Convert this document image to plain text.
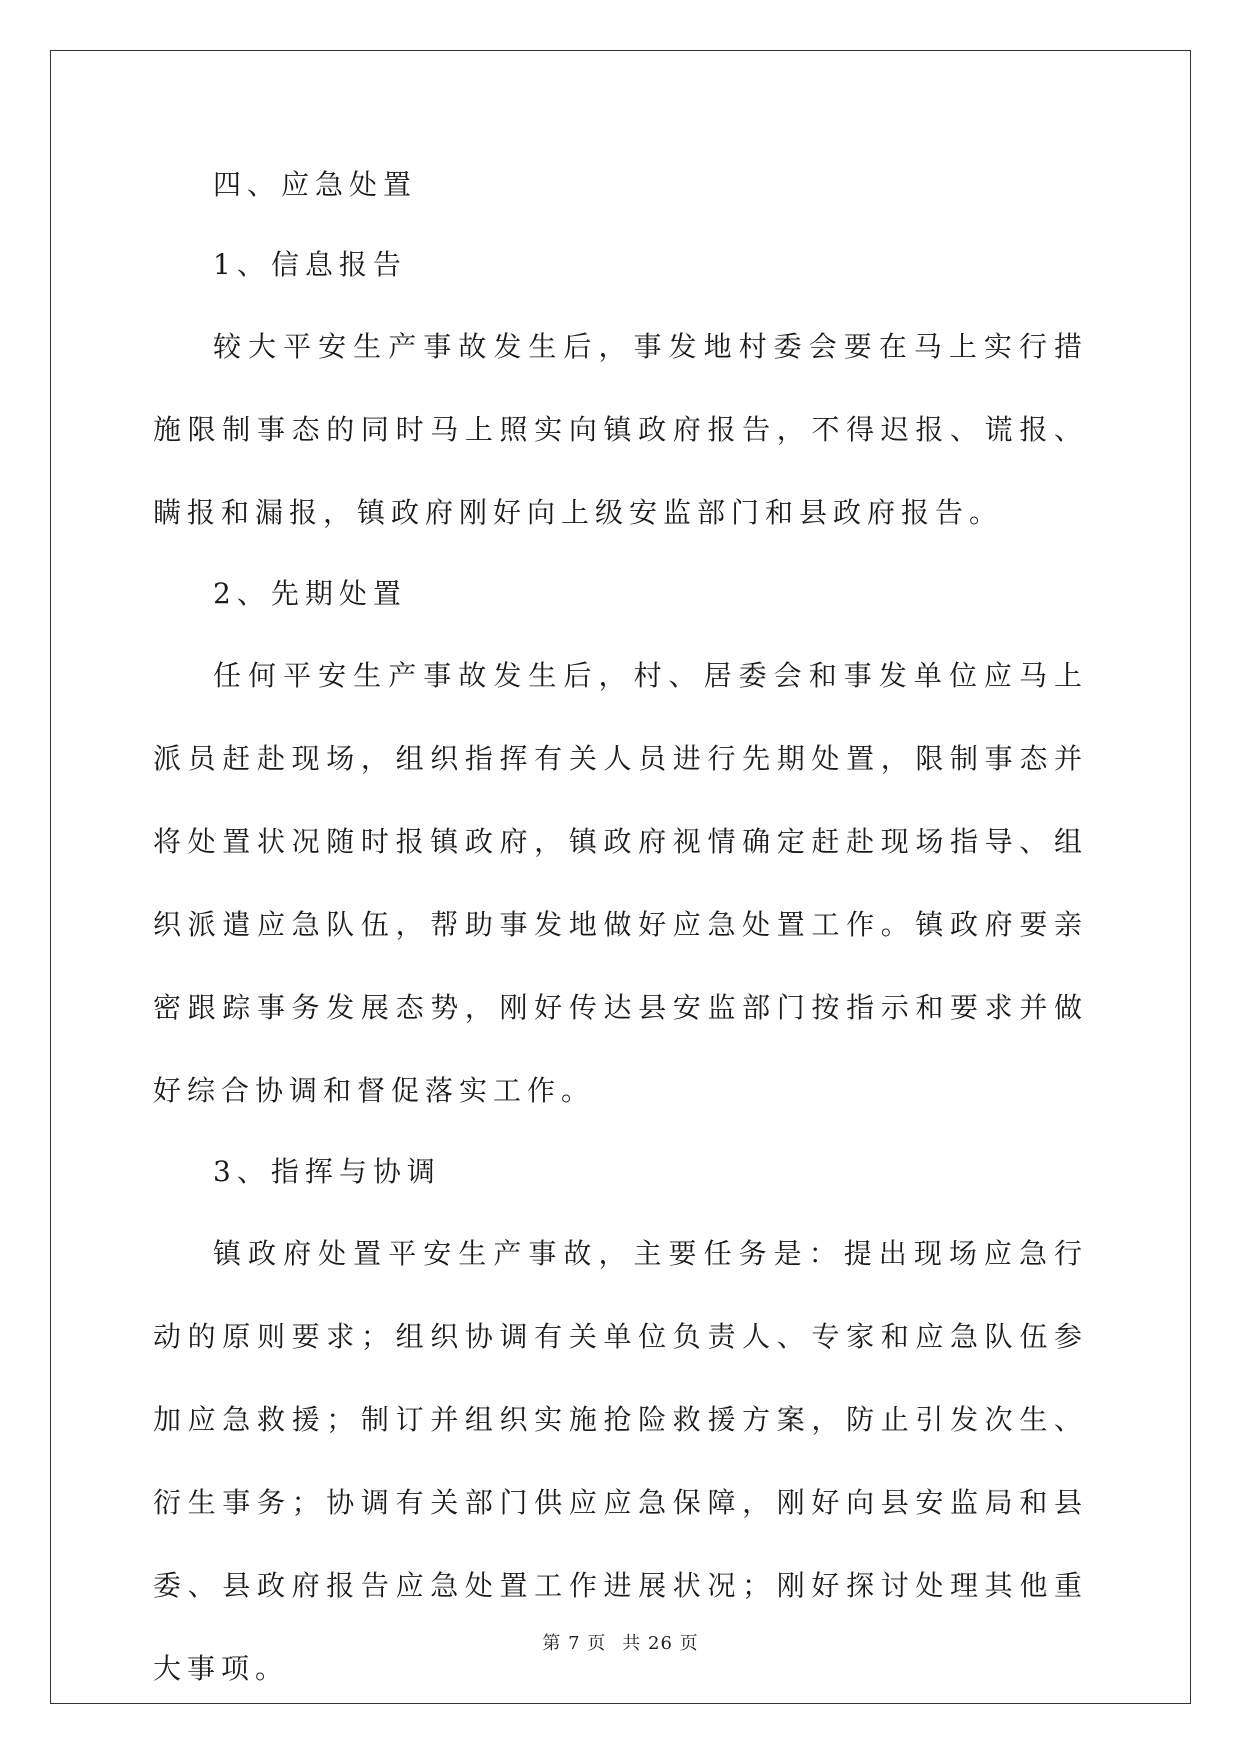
四、应急处置
1、信息报告
较大平安生产事故发生后，事发地村委会要在马上实行措施限制事态的同时马上照实向镇政府报告，不得迟报、谎报、瞒报和漏报，镇政府刚好向上级安监部门和县政府报告。
2、先期处置
任何平安生产事故发生后，村、居委会和事发单位应马上派员赶赴现场，组织指挥有关人员进行先期处置，限制事态并将处置状况随时报镇政府，镇政府视情确定赶赴现场指导、组织派遣应急队伍，帮助事发地做好应急处置工作。镇政府要亲密跟踪事务发展态势，刚好传达县安监部门按指示和要求并做好综合协调和督促落实工作。
3、指挥与协调
镇政府处置平安生产事故，主要任务是：提出现场应急行动的原则要求；组织协调有关单位负责人、专家和应急队伍参加应急救援；制订并组织实施抢险救援方案，防止引发次生、衍生事务；协调有关部门供应应急保障，刚好向县安监局和县委、县政府报告应急处置工作进展状况；刚好探讨处理其他重大事项。
第 7 页 共 26 页
